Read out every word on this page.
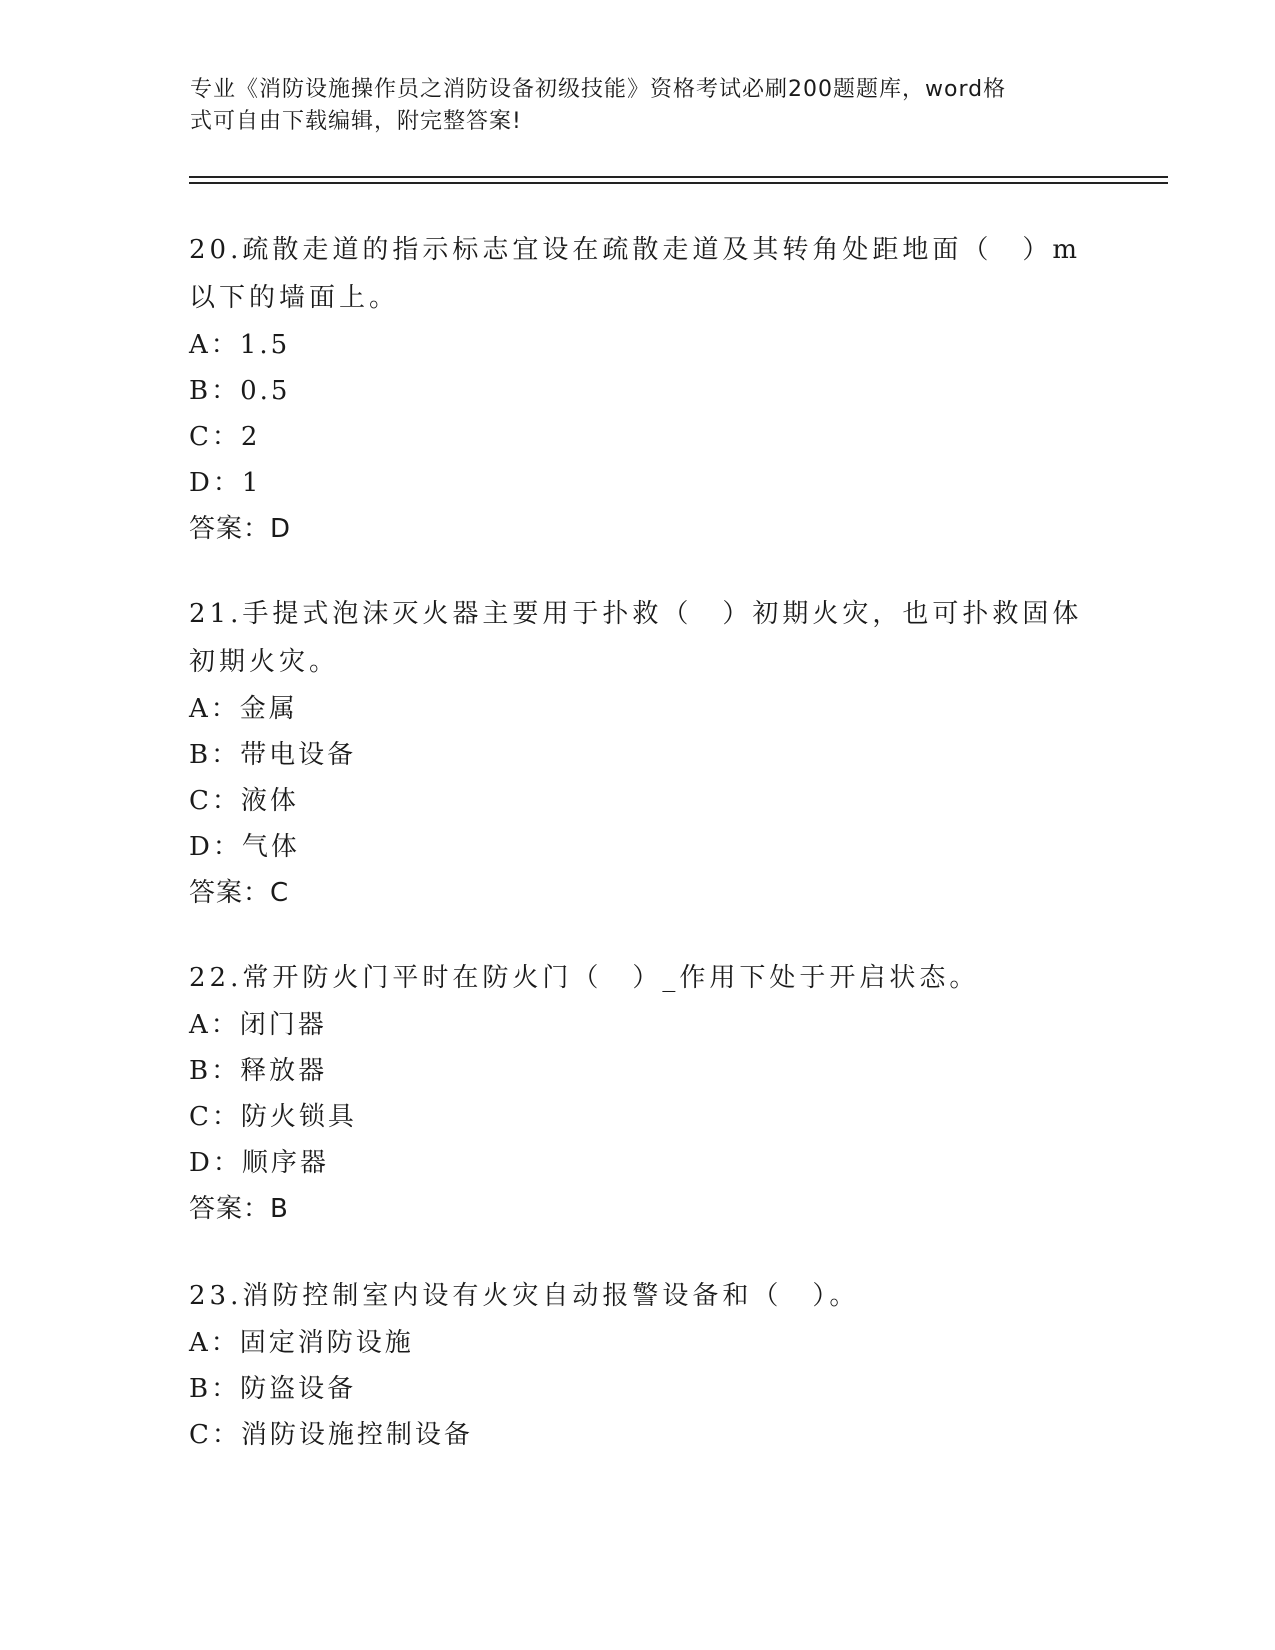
专业《消防设施操作员之消防设备初级技能》资格考试必刷200题题库，word格
式可自由下载编辑，附完整答案!
20.疏散走道的指示标志宜设在疏散走道及其转角处距地面（　）m以下的墙面上。
A：1.5
B：0.5
C：2
D：1
答案：D
21.手提式泡沫灭火器主要用于扑救（　）初期火灾，也可扑救固体初期火灾。
A：金属
B：带电设备
C：液体
D：气体
答案：C
22.常开防火门平时在防火门（　）_作用下处于开启状态。
A：闭门器
B：释放器
C：防火锁具
D：顺序器
答案：B
23.消防控制室内设有火灾自动报警设备和（　）。
A：固定消防设施
B：防盗设备
C：消防设施控制设备
